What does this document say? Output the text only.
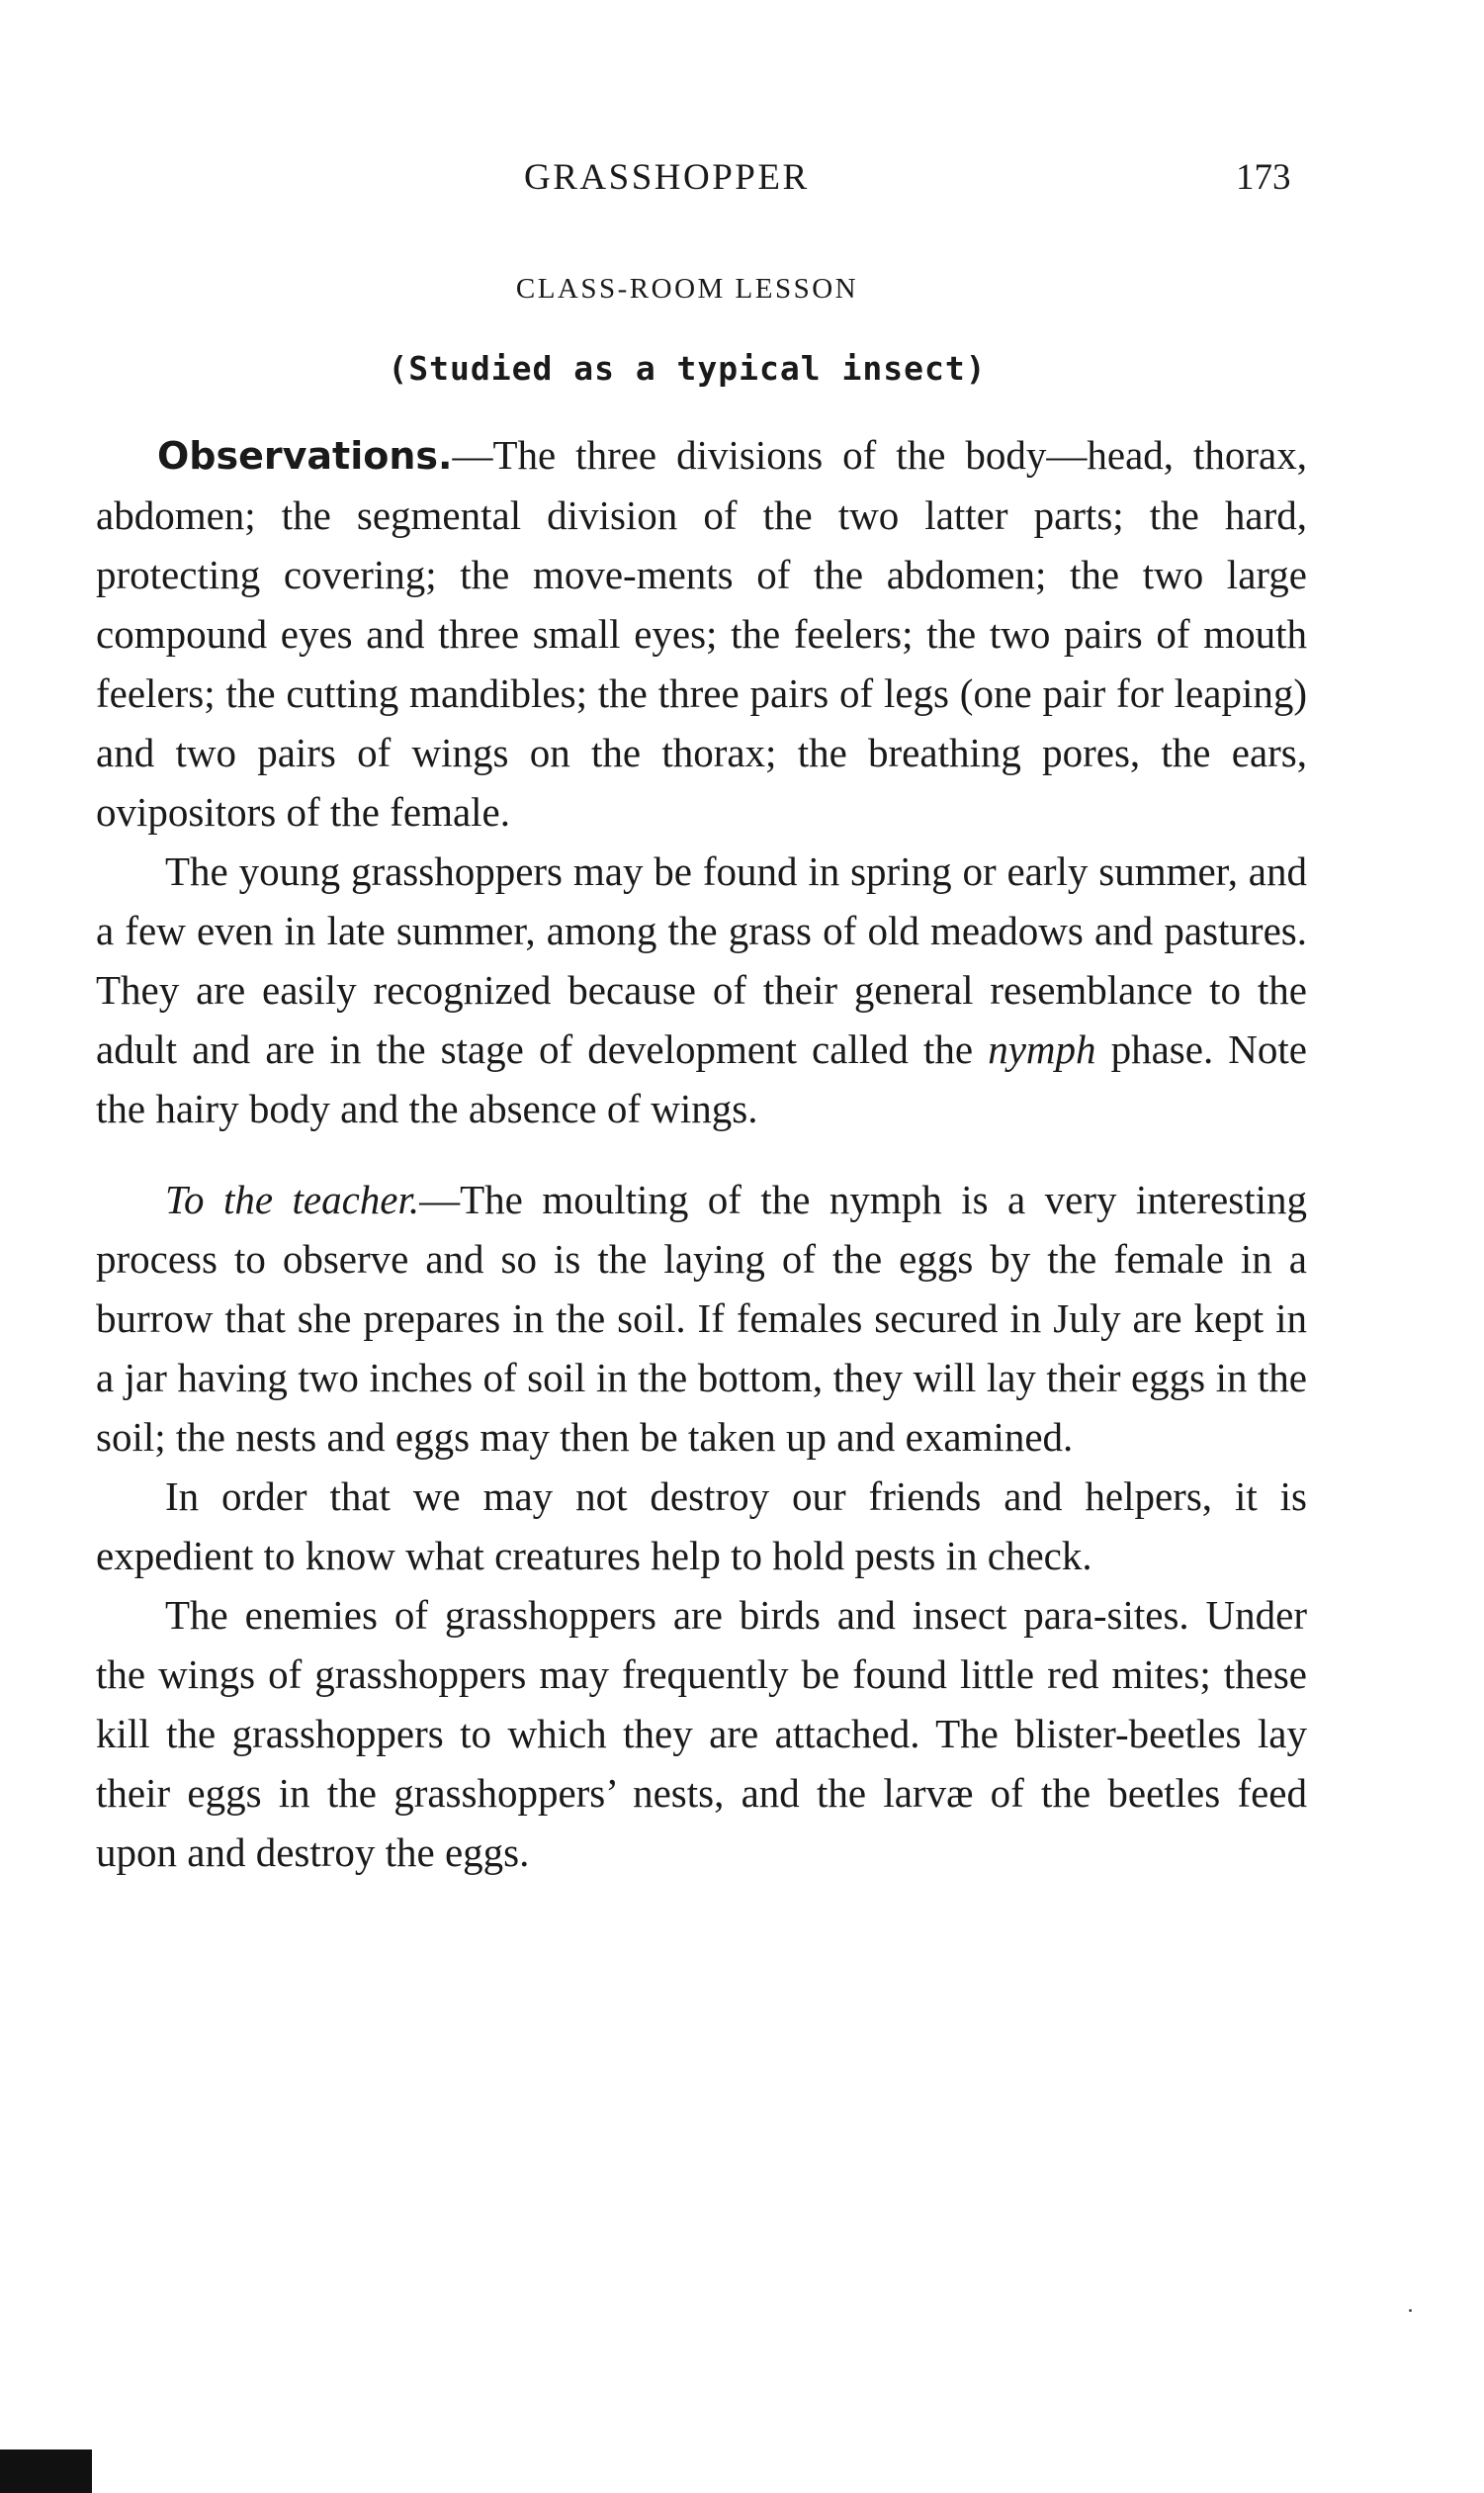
GRASSHOPPER	173
CLASS-ROOM LESSON
(Studied as a typical insect)

Observations.—The three divisions of the body—head, thorax, abdomen; the segmental division of the two latter parts; the hard, protecting covering; the move-ments of the abdomen; the two large compound eyes and three small eyes; the feelers; the two pairs of mouth feelers; the cutting mandibles; the three pairs of legs (one pair for leaping) and two pairs of wings on the thorax; the breathing pores, the ears, ovipositors of the female.

The young grasshoppers may be found in spring or early summer, and a few even in late summer, among the grass of old meadows and pastures. They are easily recognized because of their general resemblance to the adult and are in the stage of development called the nymph phase. Note the hairy body and the absence of wings.

To the teacher.—The moulting of the nymph is a very interesting process to observe and so is the laying of the eggs by the female in a burrow that she prepares in the soil. If females secured in July are kept in a jar having two inches of soil in the bottom, they will lay their eggs in the soil; the nests and eggs may then be taken up and examined.

In order that we may not destroy our friends and helpers, it is expedient to know what creatures help to hold pests in check.

The enemies of grasshoppers are birds and insect para-sites. Under the wings of grasshoppers may frequently be found little red mites; these kill the grasshoppers to which they are attached. The blister-beetles lay their eggs in the grasshoppers’ nests, and the larvæ of the beetles feed upon and destroy the eggs.
